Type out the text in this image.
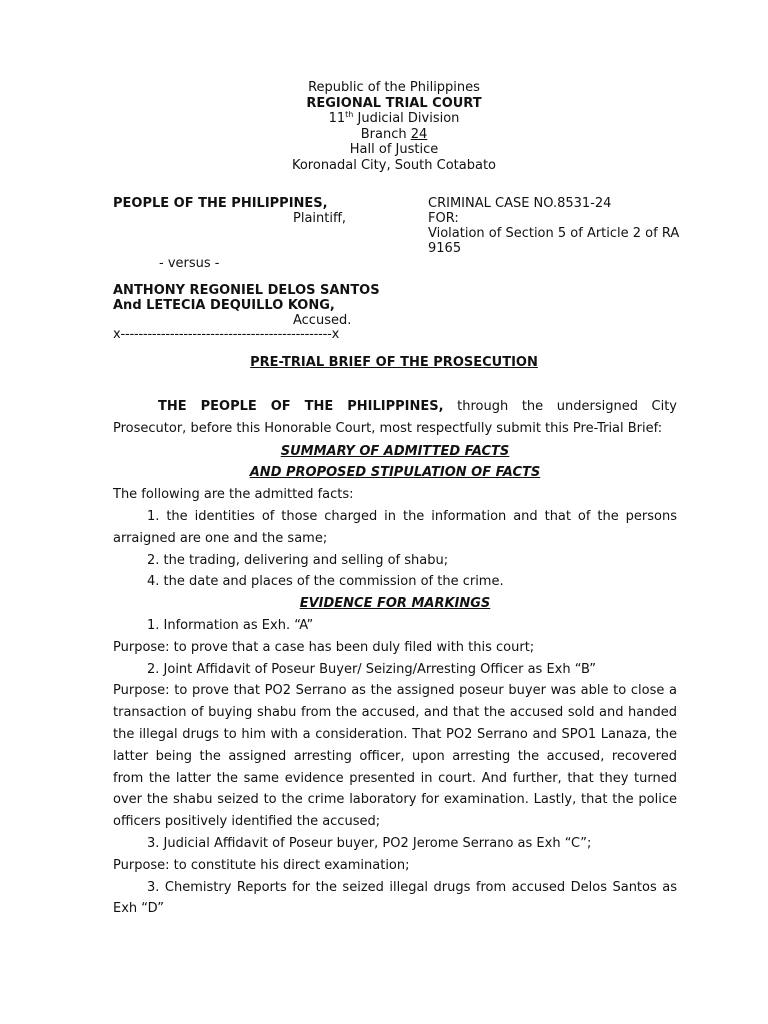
Republic of the Philippines
REGIONAL TRIAL COURT
11th Judicial Division
Branch 24
Hall of Justice
Koronadal City, South Cotabato
PEOPLE OF THE PHILIPPINES,
Plaintiff,
- versus -
ANTHONY REGONIEL DELOS SANTOS
And LETECIA DEQUILLO KONG,
Accused.
x-----------------------------------------------x
CRIMINAL CASE NO.8531-24
FOR:
Violation of Section 5 of Article 2 of RA 9165
PRE-TRIAL BRIEF OF THE PROSECUTION

THE PEOPLE OF THE PHILIPPINES, through the undersigned City Prosecutor, before this Honorable Court, most respectfully submit this Pre-Trial Brief:

SUMMARY OF ADMITTED FACTS

AND PROPOSED STIPULATION OF FACTS

The following are the admitted facts:

1. the identities of those charged in the information and that of the persons arraigned are one and the same;

2. the trading, delivering and selling of shabu;

4. the date and places of the commission of the crime.

EVIDENCE FOR MARKINGS

1. Information as Exh. “A”

Purpose: to prove that a case has been duly filed with this court;

2. Joint Affidavit of Poseur Buyer/ Seizing/Arresting Officer as Exh “B”

Purpose: to prove that PO2 Serrano as the assigned poseur buyer was able to close a transaction of buying shabu from the accused, and that the accused sold and handed the illegal drugs to him with a consideration. That PO2 Serrano and SPO1 Lanaza, the latter being the assigned arresting officer, upon arresting the accused, recovered from the latter the same evidence presented in court. And further, that they turned over the shabu seized to the crime laboratory for examination. Lastly, that the police officers positively identified the accused;

3. Judicial Affidavit of Poseur buyer, PO2 Jerome Serrano as Exh “C”;

Purpose: to constitute his direct examination;

3. Chemistry Reports for the seized illegal drugs from accused Delos Santos as Exh “D”
